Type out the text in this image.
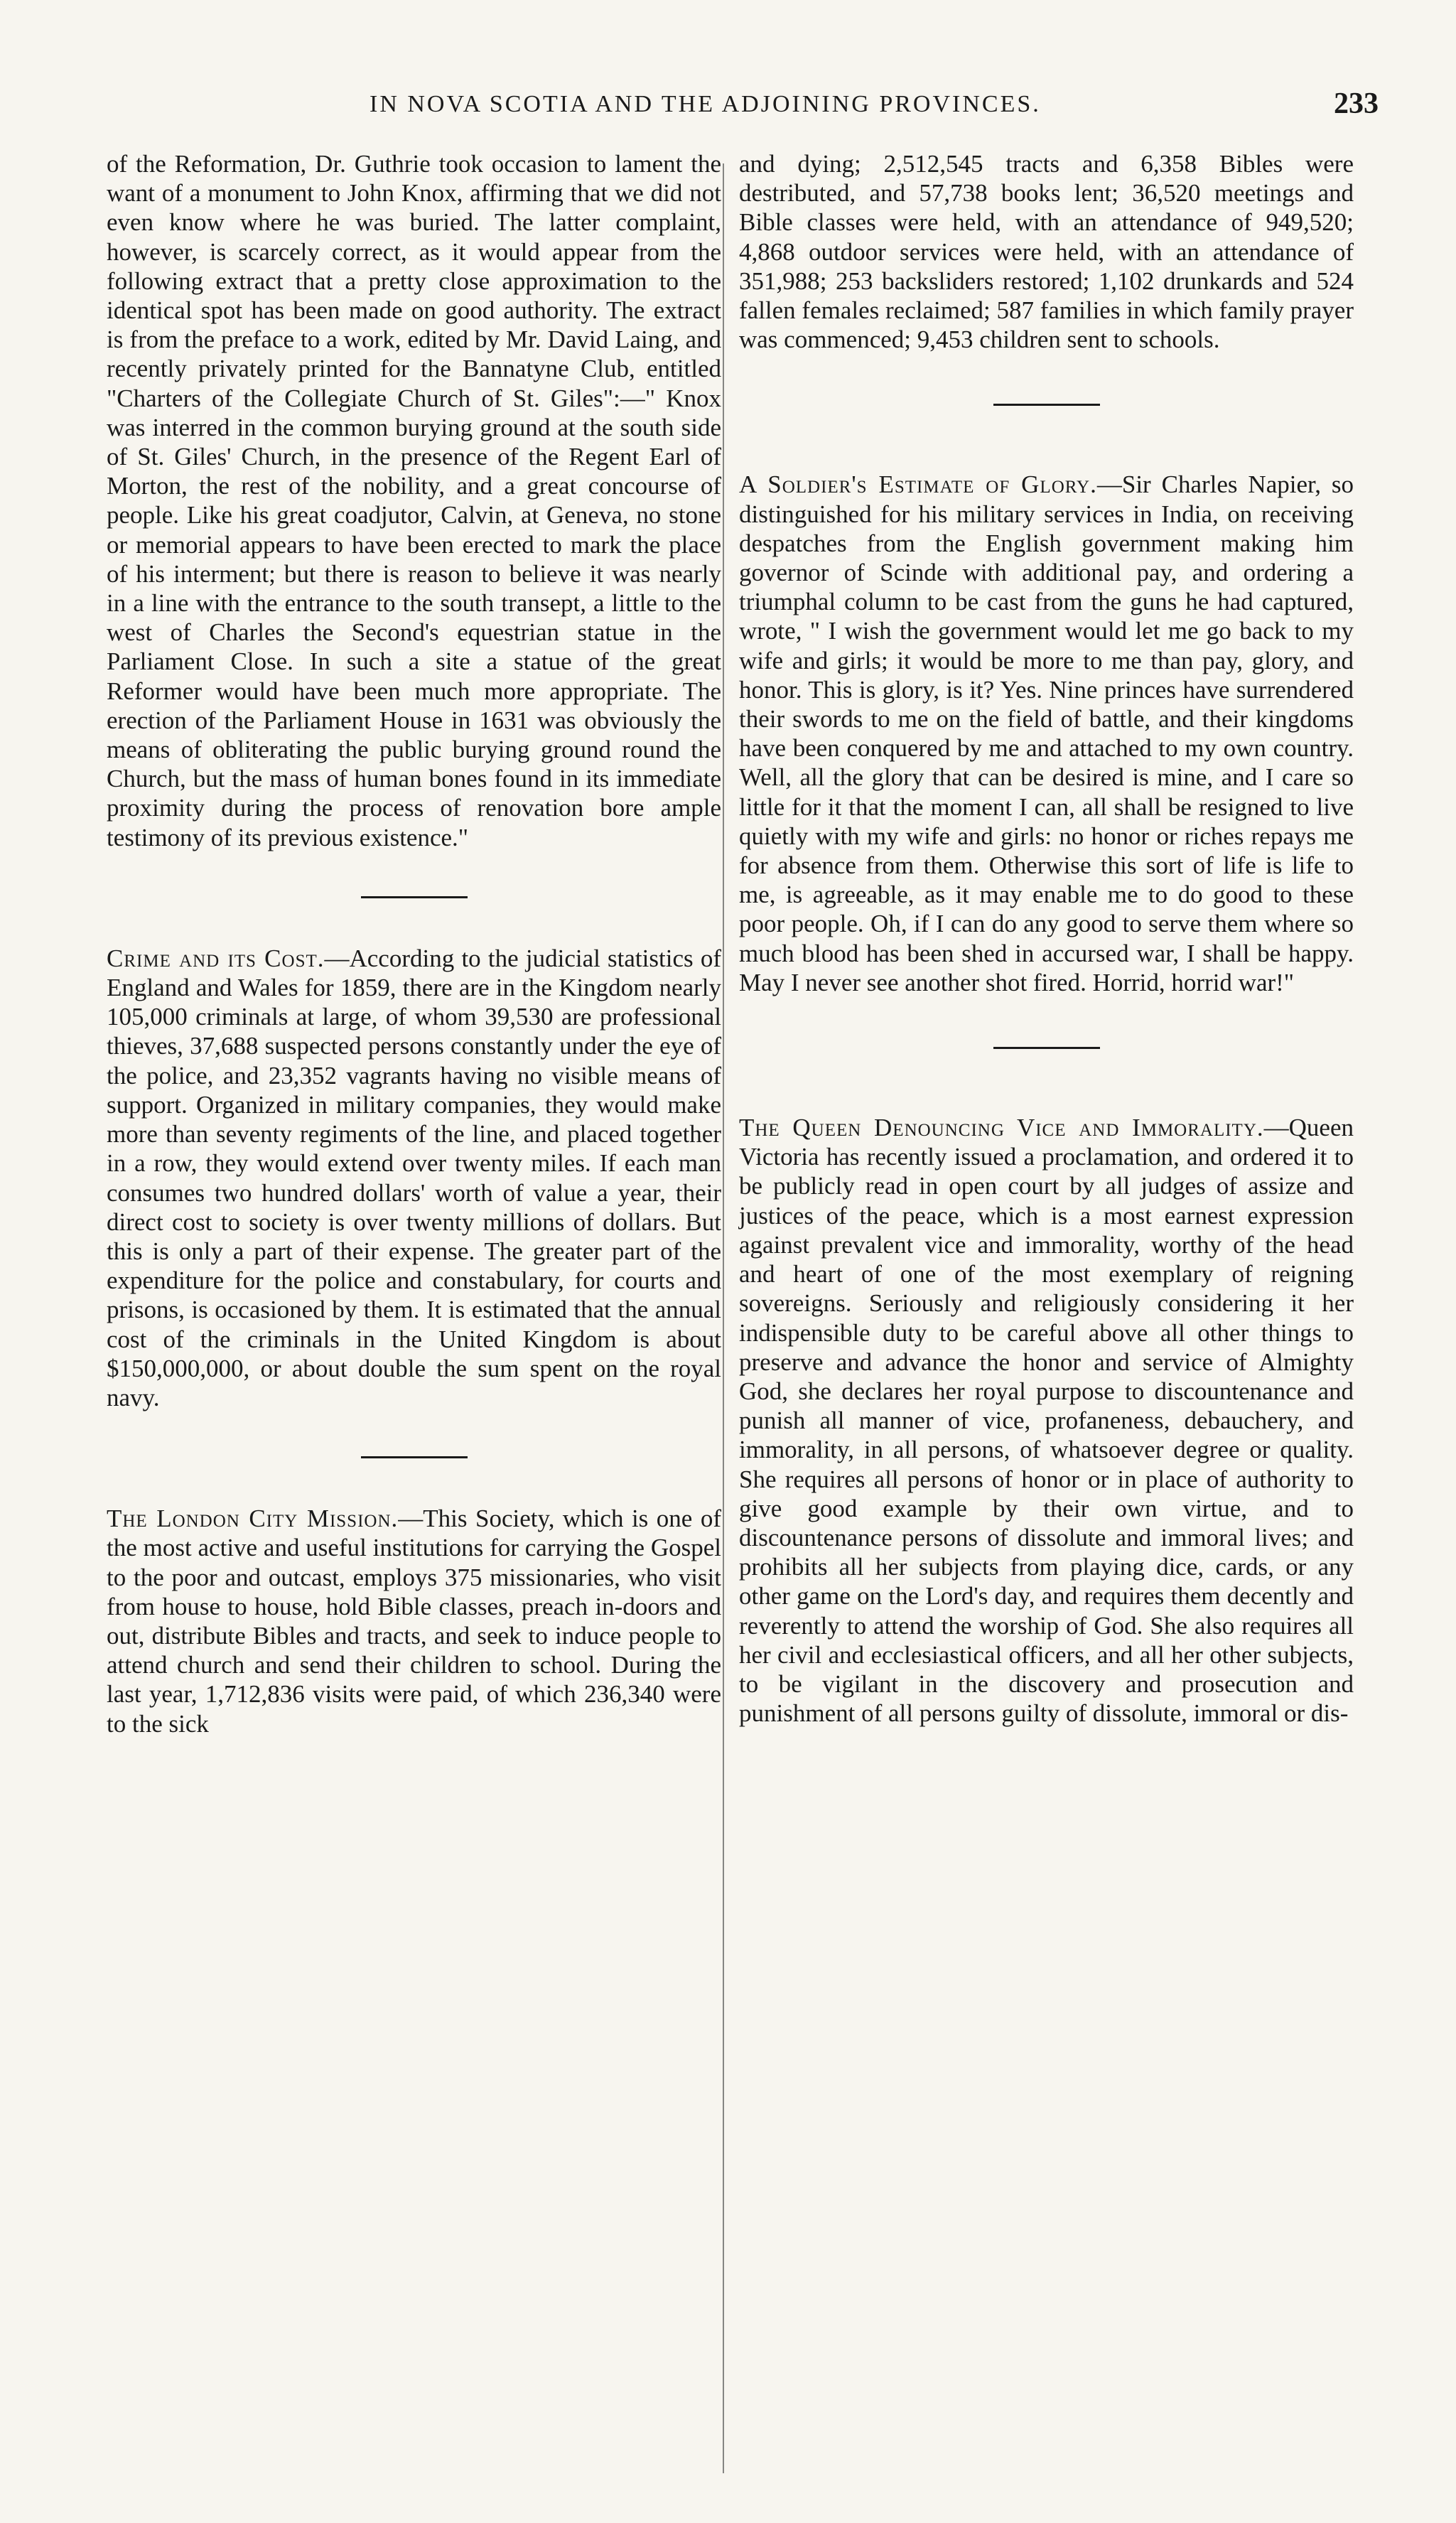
IN NOVA SCOTIA AND THE ADJOINING PROVINCES.	233

of the Reformation, Dr. Guthrie took occasion to lament the want of a monument to John Knox, affirming that we did not even know where he was buried. The latter complaint, however, is scarcely correct, as it would appear from the following extract that a pretty close approximation to the identical spot has been made on good authority. The extract is from the preface to a work, edited by Mr. David Laing, and recently privately printed for the Bannatyne Club, entitled "Charters of the Collegiate Church of St. Giles":—" Knox was interred in the common burying ground at the south side of St. Giles' Church, in the presence of the Regent Earl of Morton, the rest of the nobility, and a great concourse of people. Like his great coadjutor, Calvin, at Geneva, no stone or memorial appears to have been erected to mark the place of his interment; but there is reason to believe it was nearly in a line with the entrance to the south transept, a little to the west of Charles the Second's equestrian statue in the Parliament Close. In such a site a statue of the great Reformer would have been much more appropriate. The erection of the Parliament House in 1631 was obviously the means of obliterating the public burying ground round the Church, but the mass of human bones found in its immediate proximity during the process of renovation bore ample testimony of its previous existence."

Crime and its Cost.—According to the judicial statistics of England and Wales for 1859, there are in the Kingdom nearly 105,000 criminals at large, of whom 39,530 are professional thieves, 37,688 suspected persons constantly under the eye of the police, and 23,352 vagrants having no visible means of support. Organized in military companies, they would make more than seventy regiments of the line, and placed together in a row, they would extend over twenty miles. If each man consumes two hundred dollars' worth of value a year, their direct cost to society is over twenty millions of dollars. But this is only a part of their expense. The greater part of the expenditure for the police and constabulary, for courts and prisons, is occasioned by them. It is estimated that the annual cost of the criminals in the United Kingdom is about $150,000,000, or about double the sum spent on the royal navy.

The London City Mission.—This Society, which is one of the most active and useful institutions for carrying the Gospel to the poor and outcast, employs 375 missionaries, who visit from house to house, hold Bible classes, preach in-doors and out, distribute Bibles and tracts, and seek to induce people to attend church and send their children to school. During the last year, 1,712,836 visits were paid, of which 236,340 were to the sick

and dying; 2,512,545 tracts and 6,358 Bibles were destributed, and 57,738 books lent; 36,520 meetings and Bible classes were held, with an attendance of 949,520; 4,868 outdoor services were held, with an attendance of 351,988; 253 backsliders restored; 1,102 drunkards and 524 fallen females reclaimed; 587 families in which family prayer was commenced; 9,453 children sent to schools.

A Soldier's Estimate of Glory.—Sir Charles Napier, so distinguished for his military services in India, on receiving despatches from the English government making him governor of Scinde with additional pay, and ordering a triumphal column to be cast from the guns he had captured, wrote, " I wish the government would let me go back to my wife and girls; it would be more to me than pay, glory, and honor. This is glory, is it? Yes. Nine princes have surrendered their swords to me on the field of battle, and their kingdoms have been conquered by me and attached to my own country. Well, all the glory that can be desired is mine, and I care so little for it that the moment I can, all shall be resigned to live quietly with my wife and girls: no honor or riches repays me for absence from them. Otherwise this sort of life is life to me, is agreeable, as it may enable me to do good to these poor people. Oh, if I can do any good to serve them where so much blood has been shed in accursed war, I shall be happy. May I never see another shot fired. Horrid, horrid war!"

The Queen Denouncing Vice and Immorality.—Queen Victoria has recently issued a proclamation, and ordered it to be publicly read in open court by all judges of assize and justices of the peace, which is a most earnest expression against prevalent vice and immorality, worthy of the head and heart of one of the most exemplary of reigning sovereigns. Seriously and religiously considering it her indispensible duty to be careful above all other things to preserve and advance the honor and service of Almighty God, she declares her royal purpose to discountenance and punish all manner of vice, profaneness, debauchery, and immorality, in all persons, of whatsoever degree or quality. She requires all persons of honor or in place of authority to give good example by their own virtue, and to discountenance persons of dissolute and immoral lives; and prohibits all her subjects from playing dice, cards, or any other game on the Lord's day, and requires them decently and reverently to attend the worship of God. She also requires all her civil and ecclesiastical officers, and all her other subjects, to be vigilant in the discovery and prosecution and punishment of all persons guilty of dissolute, immoral or dis-
